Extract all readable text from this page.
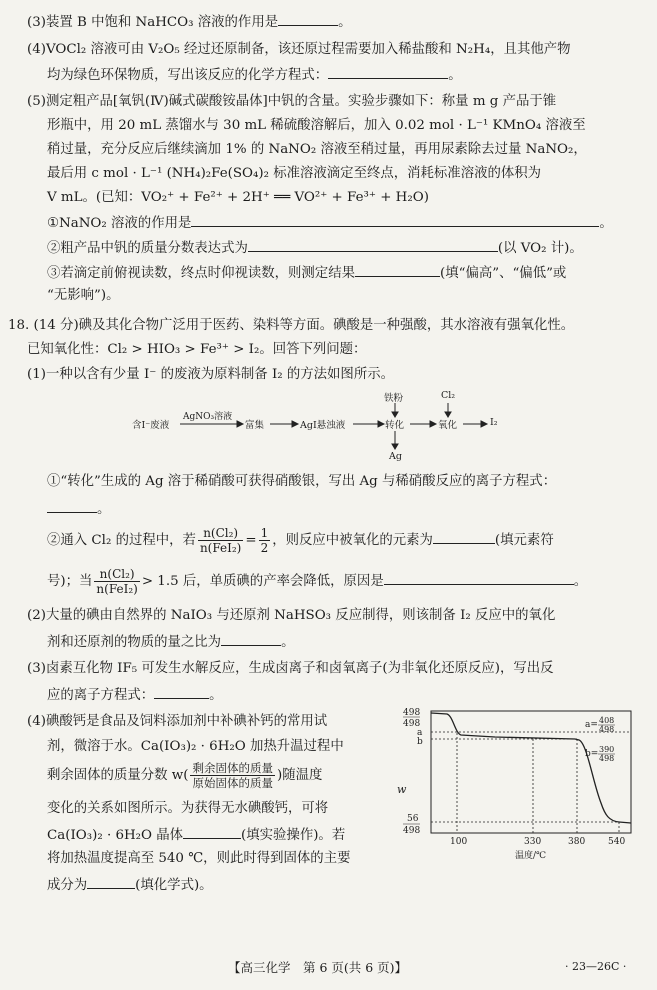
(3)装置 B 中饱和 NaHCO₃ 溶液的作用是	。
(4)VOCl₂ 溶液可由 V₂O₅ 经过还原制备，该还原过程需要加入稀盐酸和 N₂H₄，且其他产物
均为绿色环保物质，写出该反应的化学方程式：	。
(5)测定粗产品[氧钒(Ⅳ)碱式碳酸铵晶体]中钒的含量。实验步骤如下：称量 m g 产品于锥
形瓶中，用 20 mL 蒸馏水与 30 mL 稀硫酸溶解后，加入 0.02 mol · L⁻¹ KMnO₄ 溶液至
稍过量，充分反应后继续滴加 1% 的 NaNO₂ 溶液至稍过量，再用尿素除去过量 NaNO₂，
最后用 c mol · L⁻¹ (NH₄)₂Fe(SO₄)₂ 标准溶液滴定至终点，消耗标准溶液的体积为
V mL。(已知：VO₂⁺ + Fe²⁺ + 2H⁺ ══ VO²⁺ + Fe³⁺ + H₂O)
①NaNO₂ 溶液的作用是	。
②粗产品中钒的质量分数表达式为	(以 VO₂ 计)。
③若滴定前俯视读数，终点时仰视读数，则测定结果	(填“偏高”、“偏低”或
“无影响”)。
18. (14 分)碘及其化合物广泛用于医药、染料等方面。碘酸是一种强酸，其水溶液有强氧化性。
已知氧化性：Cl₂ > HIO₃ > Fe³⁺ > I₂。回答下列问题：
(1)一种以含有少量 I⁻ 的废液为原料制备 I₂ 的方法如图所示。
含I⁻废液
AgNO₃溶液
富集	AgI悬浊液
铁粉
转化
Cl₂
氧化	I₂
Ag
①“转化”生成的 Ag 溶于稀硝酸可获得硝酸银，写出 Ag 与稀硝酸反应的离子方程式：
。
②通入 Cl₂ 的过程中，若 $\frac{\text{n(Cl₂)}}{\text{n(FeI₂)}} = \frac{1}{2}$ ，则反应中被氧化的元素为	(填元素符
号)；当 $\frac{\text{n(Cl₂)}}{\text{n(FeI₂)}} > 1.5$ 后，单质碘的产率会降低，原因是	。
(2)大量的碘由自然界的 NaIO₃ 与还原剂 NaHSO₃ 反应制得，则该制备 I₂ 反应中的氧化
剂和还原剂的物质的量之比为	。
(3)卤素互化物 IF₅ 可发生水解反应，生成卤离子和卤氧离子(为非氧化还原反应)，写出反
应的离子方程式：	。
(4)碘酸钙是食品及饲料添加剂中补碘补钙的常用试
剂，微溶于水。Ca(IO₃)₂ · 6H₂O 加热升温过程中
剩余固体的质量分数 $w( \frac{\text{剩余固体的质量}}{\text{原始固体的质量}}$ )随温度
变化的关系如图所示。为获得无水碘酸钙，可将
Ca(IO₃)₂ · 6H₂O 晶体	(填实验操作)。若
将加热温度提高至 540 ℃，则此时得到固体的主要
成分为	(填化学式)。
498
498
a
b
w
56
498
a= 408
498
b= 390
498
100	330	380	540
温度/℃
【高三化学　第 6 页(共 6 页)】	· 23—26C ·
